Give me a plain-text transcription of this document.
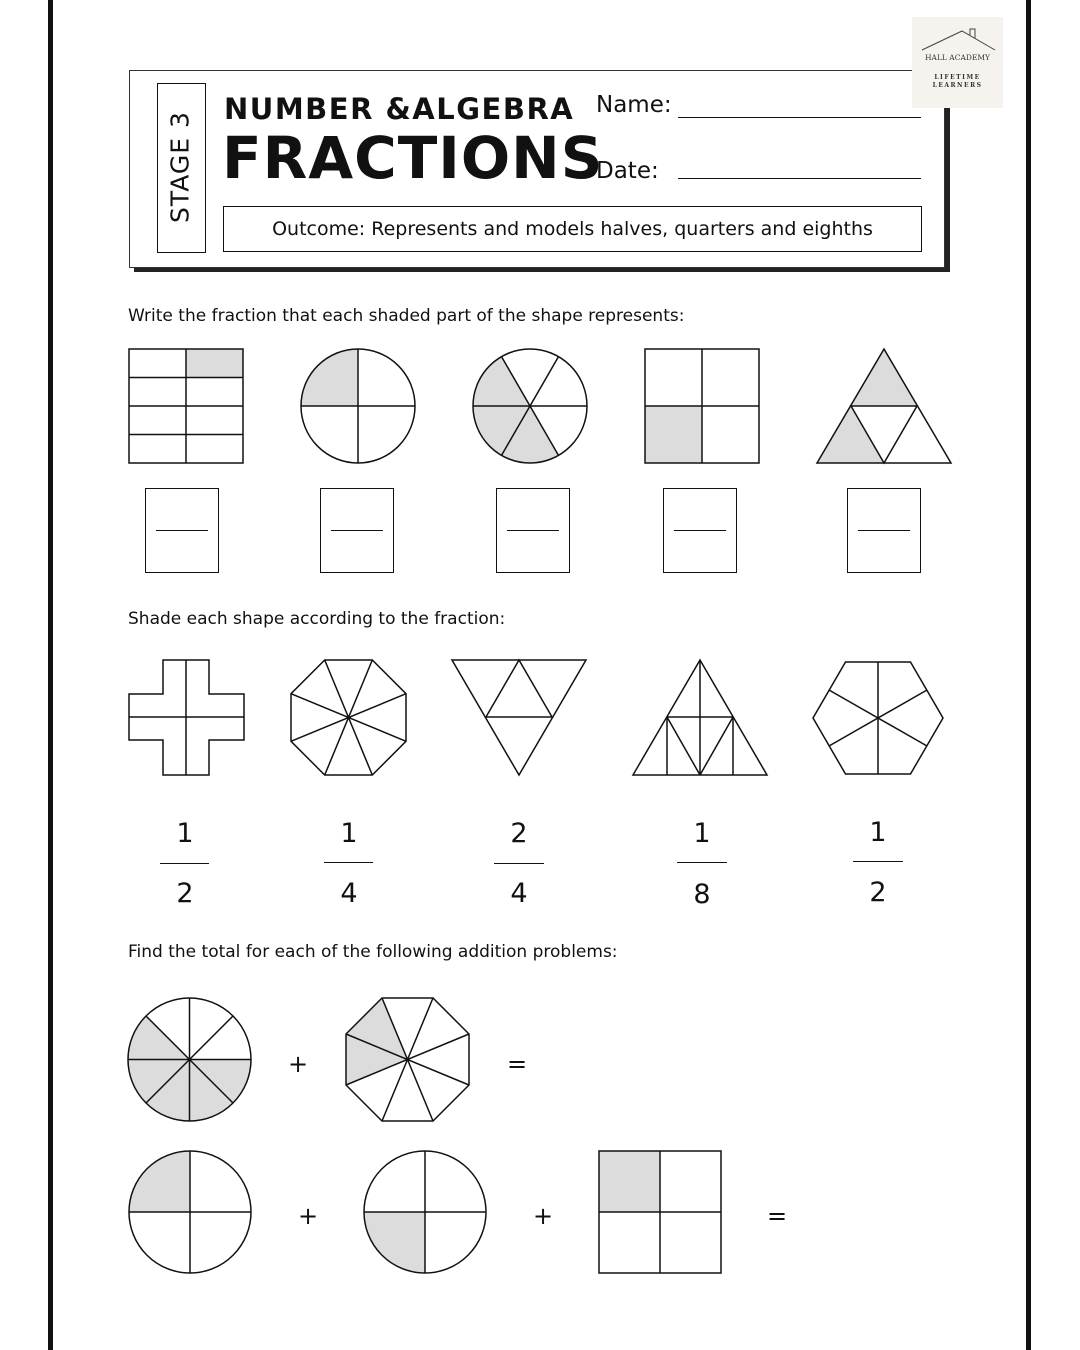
STAGE 3
NUMBER &ALGEBRA
FRACTIONS
Name:
Date:
Outcome: Represents and models halves, quarters and eighths
HALL ACADEMY
LIFETIME LEARNERS
Write the fraction that each shaded part of the shape represents:
Shade each shape according to the fraction:
1
2
1
4
2
4
1
8
1
2
Find the total for each of the following addition problems:
+	=
+	+	=
